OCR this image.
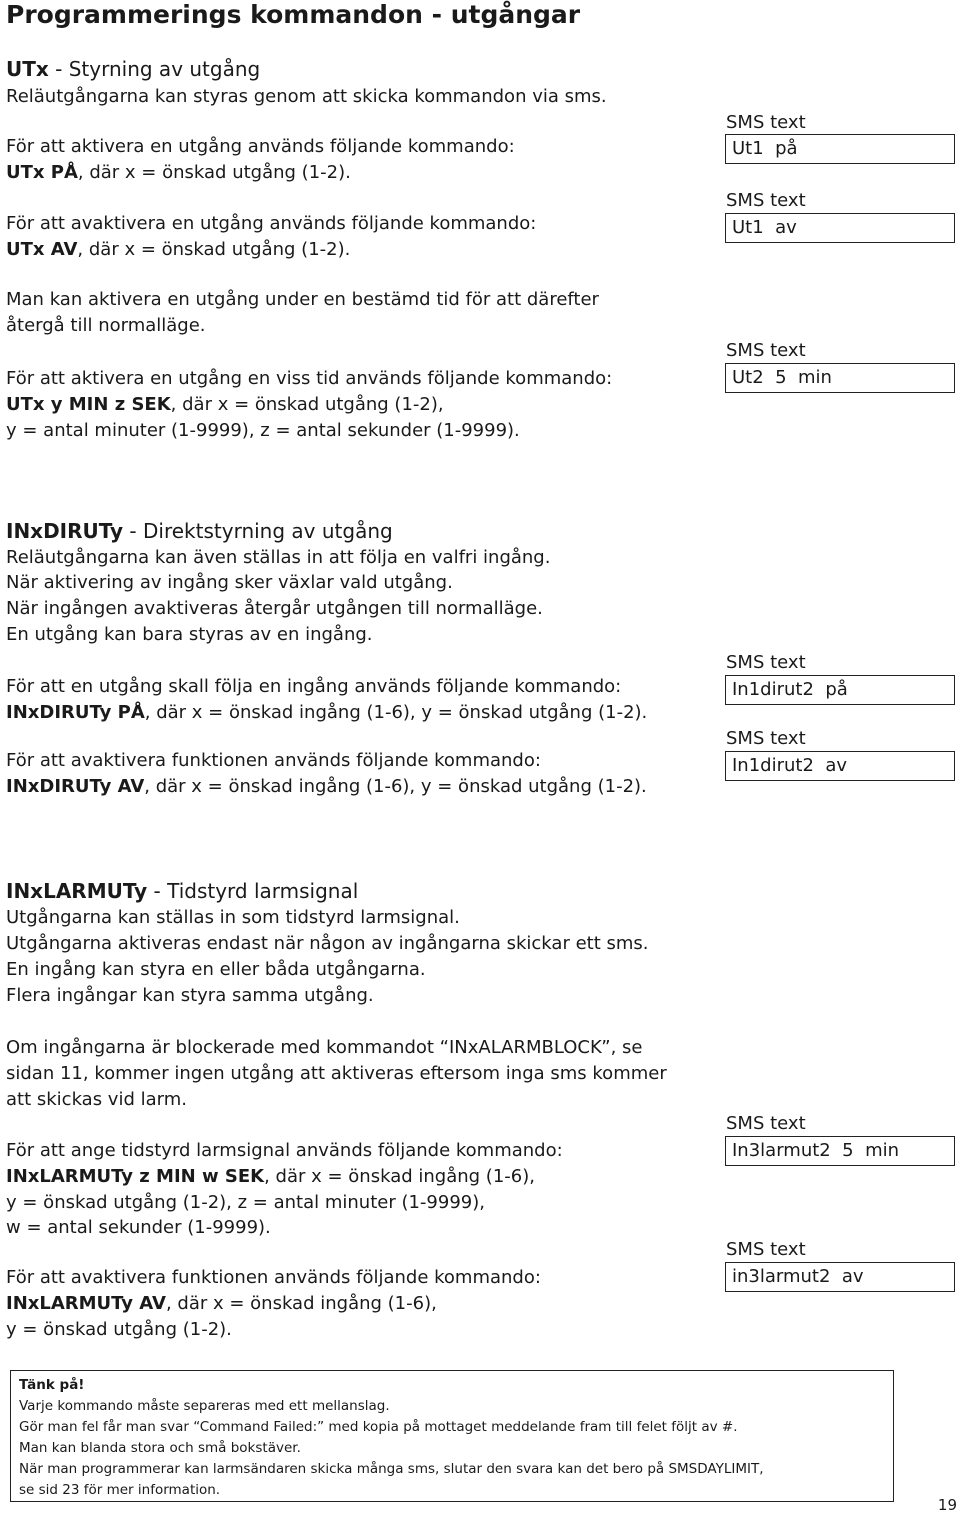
Programmerings kommandon - utgångar
UTx - Styrning av utgång
Reläutgångarna kan styras genom att skicka kommandon via sms.
För att aktivera en utgång används följande kommando:
UTx PÅ, där x = önskad utgång (1-2).
För att avaktivera en utgång används följande kommando:
UTx AV, där x = önskad utgång (1-2).
Man kan aktivera en utgång under en bestämd tid för att därefter
återgå till normalläge.
För att aktivera en utgång en viss tid används följande kommando:
UTx y MIN z SEK, där x = önskad utgång (1-2),
y = antal minuter (1-9999), z = antal sekunder (1-9999).
INxDIRUTy - Direktstyrning av utgång
Reläutgångarna kan även ställas in att följa en valfri ingång.
När aktivering av ingång sker växlar vald utgång.
När ingången avaktiveras återgår utgången till normalläge.
En utgång kan bara styras av en ingång.
För att en utgång skall följa en ingång används följande kommando:
INxDIRUTy PÅ, där x = önskad ingång (1-6), y = önskad utgång (1-2).
För att avaktivera funktionen används följande kommando:
INxDIRUTy AV, där x = önskad ingång (1-6), y = önskad utgång (1-2).
INxLARMUTy - Tidstyrd larmsignal
Utgångarna kan ställas in som tidstyrd larmsignal.
Utgångarna aktiveras endast när någon av ingångarna skickar ett sms.
En ingång kan styra en eller båda utgångarna.
Flera ingångar kan styra samma utgång.
Om ingångarna är blockerade med kommandot “INxALARMBLOCK”, se
sidan 11, kommer ingen utgång att aktiveras eftersom inga sms kommer
att skickas vid larm.
För att ange tidstyrd larmsignal används följande kommando:
INxLARMUTy z MIN w SEK, där x = önskad ingång (1-6),
y = önskad utgång (1-2), z = antal minuter (1-9999),
w = antal sekunder (1-9999).
För att avaktivera funktionen används följande kommando:
INxLARMUTy AV, där x = önskad ingång (1-6),
y = önskad utgång (1-2).
SMS text
Ut1  på
SMS text
Ut1  av
SMS text
Ut2  5  min
SMS text
In1dirut2  på
SMS text
In1dirut2  av
SMS text
In3larmut2  5  min
SMS text
in3larmut2  av
Tänk på!
Varje kommando måste separeras med ett mellanslag.
Gör man fel får man svar “Command Failed:” med kopia på mottaget meddelande fram till felet följt av #.
Man kan blanda stora och små bokstäver.
När man programmerar kan larmsändaren skicka många sms, slutar den svara kan det bero på SMSDAYLIMIT,
se sid 23 för mer information.
19
